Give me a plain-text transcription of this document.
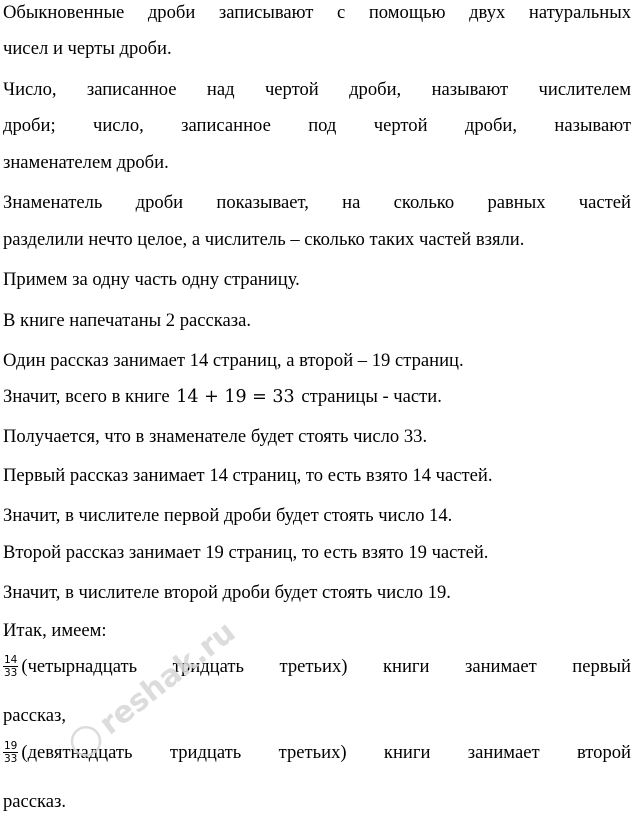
Обыкновенные дроби записывают с помощью двух натуральных
чисел и черты дроби.
Число, записанное над чертой дроби, называют числителем
дроби; число, записанное под чертой дроби, называют
знаменателем дроби.
Знаменатель дроби показывает, на сколько равных частей
разделили нечто целое, а числитель – сколько таких частей взяли.
Примем за одну часть одну страницу.
В книге напечатаны 2 рассказа.
Один рассказ занимает 14 страниц, а второй – 19 страниц.
Значит, всего в книге 14 + 19 = 33 страницы - части.
Получается, что в знаменателе будет стоять число 33.
Первый рассказ занимает 14 страниц, то есть взято 14 частей.
Значит, в числителе первой дроби будет стоять число 14.
Второй рассказ занимает 19 страниц, то есть взято 19 частей.
Значит, в числителе второй дроби будет стоять число 19.
Итак, имеем:
$\frac{14}{33}$ (четырнадцать тридцать третьих) книги занимает первый
рассказ,
$\frac{19}{33}$ (девятнадцать тридцать третьих) книги занимает второй
рассказ.
reshak.ru
